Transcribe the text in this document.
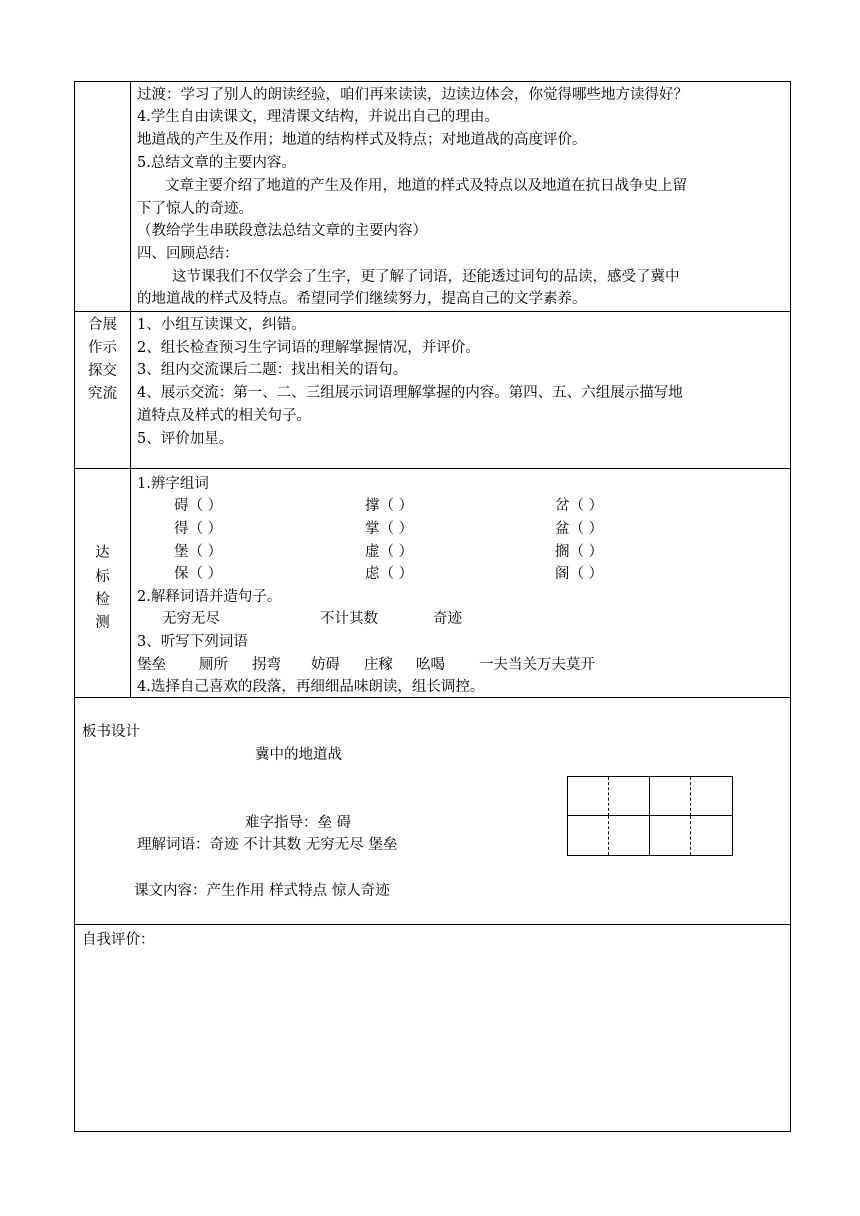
过渡：学习了别人的朗读经验，咱们再来读读，边读边体会，你觉得哪些地方读得好？
4.学生自由读课文，理清课文结构，并说出自己的理由。
地道战的产生及作用；地道的结构样式及特点；对地道战的高度评价。
5.总结文章的主要内容。
文章主要介绍了地道的产生及作用，地道的样式及特点以及地道在抗日战争史上留
下了惊人的奇迹。
（教给学生串联段意法总结文章的主要内容）
四、回顾总结：
这节课我们不仅学会了生字，更了解了词语，还能透过词句的品读，感受了冀中
的地道战的样式及特点。希望同学们继续努力，提高自己的文学素养。
合展
作示
探交
究流
1、小组互读课文，纠错。
2、组长检查预习生字词语的理解掌握情况，并评价。
3、组内交流课后二题：找出相关的语句。
4、展示交流：第一、二、三组展示词语理解掌握的内容。第四、五、六组展示描写地
道特点及样式的相关句子。
5、评价加星。
达
标
检
测
1.辨字组词
碍（ ）	撑（ ）	岔（ ）
得（ ）	掌（ ）	盆（ ）
堡（ ）	虚（ ）	搁（ ）
保（ ）	虑（ ）	阁（ ）
2.解释词语并造句子。
无穷无尽	不计其数	奇迹
3、听写下列词语
堡垒 厕所 拐弯 妨碍 庄稼 吆喝 一夫当关万夫莫开
4.选择自己喜欢的段落，再细细品味朗读，组长调控。
板书设计
冀中的地道战
难字指导：垒 碍
理解词语：奇迹 不计其数 无穷无尽 堡垒
课文内容：产生作用 样式特点 惊人奇迹
自我评价：
